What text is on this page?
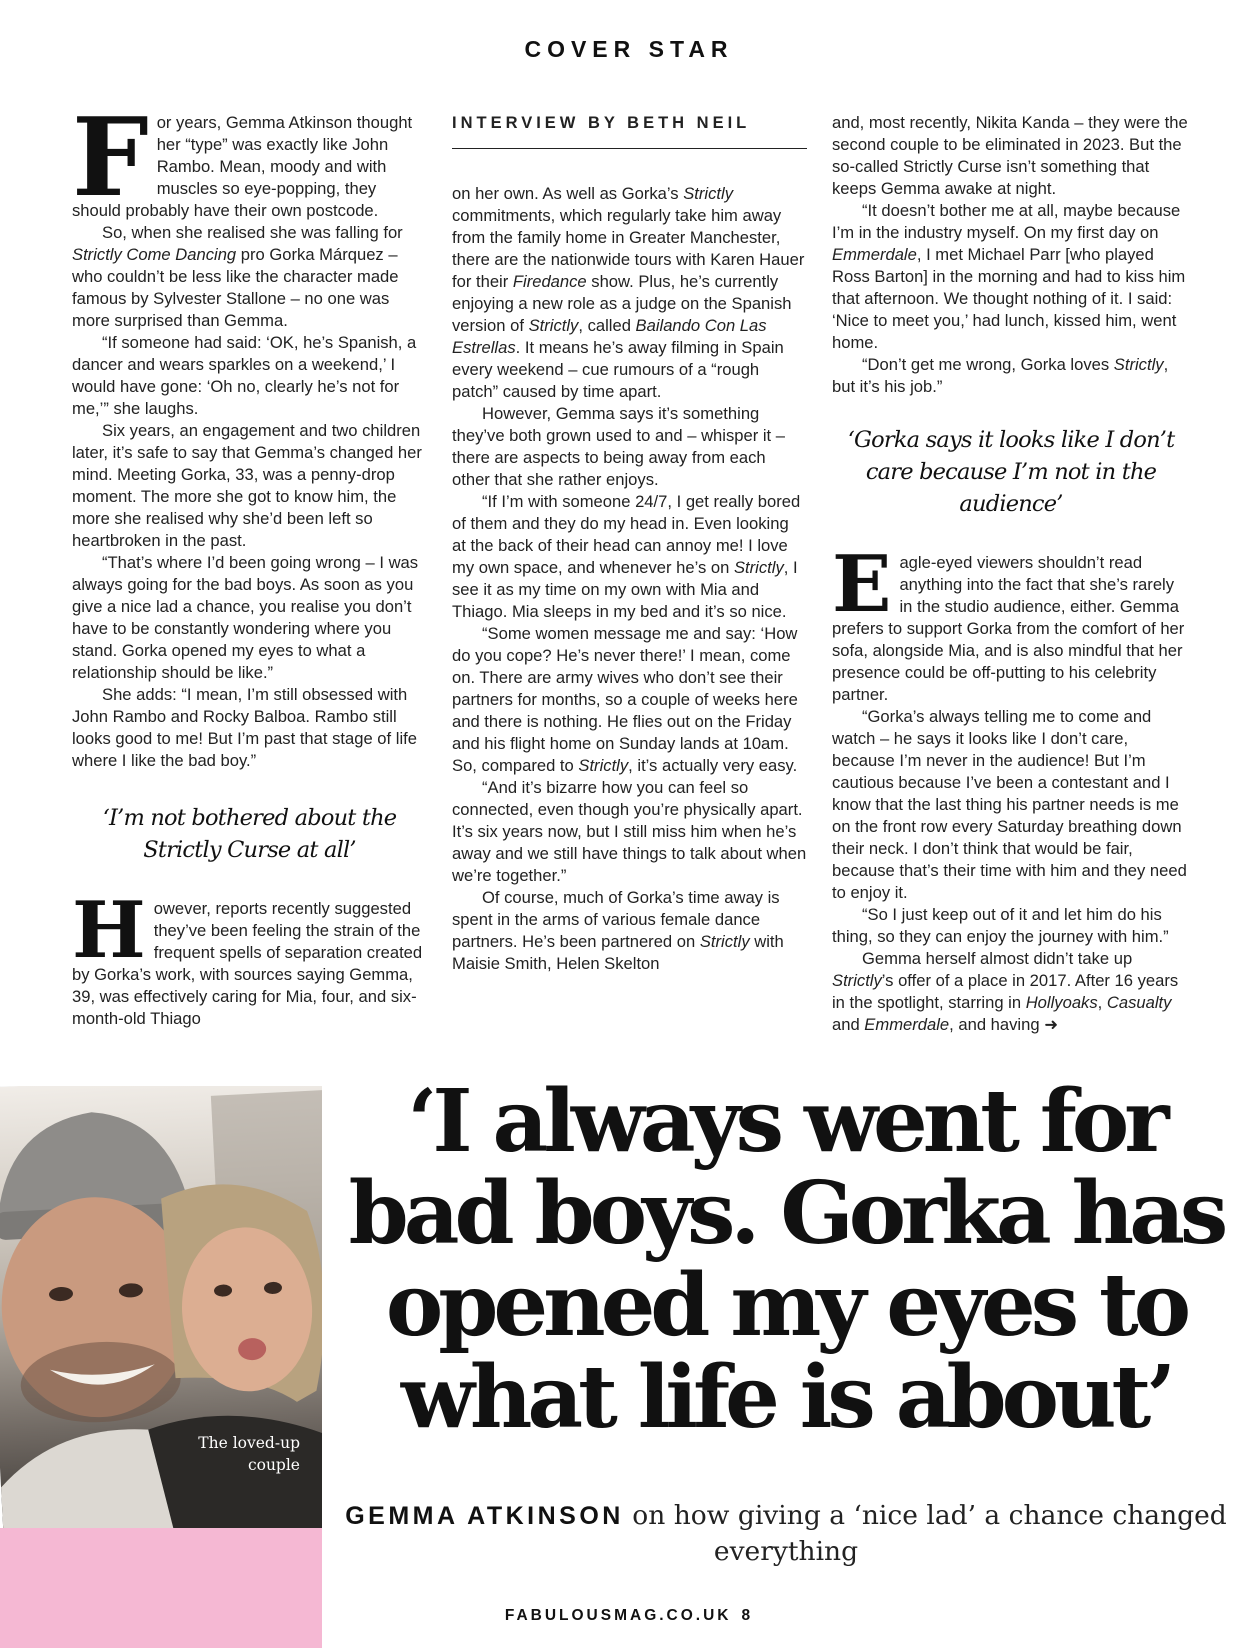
COVER STAR

For years, Gemma Atkinson thought her “type” was exactly like John Rambo. Mean, moody and with muscles so eye-popping, they should probably have their own postcode.

So, when she realised she was falling for Strictly Come Dancing pro Gorka Márquez – who couldn’t be less like the character made famous by Sylvester Stallone – no one was more surprised than Gemma.

“If someone had said: ‘OK, he’s Spanish, a dancer and wears sparkles on a weekend,’ I would have gone: ‘Oh no, clearly he’s not for me,’” she laughs.

Six years, an engagement and two children later, it’s safe to say that Gemma’s changed her mind. Meeting Gorka, 33, was a penny-drop moment. The more she got to know him, the more she realised why she’d been left so heartbroken in the past.

“That’s where I’d been going wrong – I was always going for the bad boys. As soon as you give a nice lad a chance, you realise you don’t have to be constantly wondering where you stand. Gorka opened my eyes to what a relationship should be like.”

She adds: “I mean, I’m still obsessed with John Rambo and Rocky Balboa. Rambo still looks good to me! But I’m past that stage of life where I like the bad boy.”

‘I’m not bothered about the Strictly Curse at all’

However, reports recently suggested they’ve been feeling the strain of the frequent spells of separation created by Gorka’s work, with sources saying Gemma, 39, was effectively caring for Mia, four, and six-month-old Thiago

INTERVIEW BY BETH NEIL

on her own. As well as Gorka’s Strictly commitments, which regularly take him away from the family home in Greater Manchester, there are the nationwide tours with Karen Hauer for their Firedance show. Plus, he’s currently enjoying a new role as a judge on the Spanish version of Strictly, called Bailando Con Las Estrellas. It means he’s away filming in Spain every weekend – cue rumours of a “rough patch” caused by time apart.

However, Gemma says it’s something they’ve both grown used to and – whisper it – there are aspects to being away from each other that she rather enjoys.

“If I’m with someone 24/7, I get really bored of them and they do my head in. Even looking at the back of their head can annoy me! I love my own space, and whenever he’s on Strictly, I see it as my time on my own with Mia and Thiago. Mia sleeps in my bed and it’s so nice.

“Some women message me and say: ‘How do you cope? He’s never there!’ I mean, come on. There are army wives who don’t see their partners for months, so a couple of weeks here and there is nothing. He flies out on the Friday and his flight home on Sunday lands at 10am. So, compared to Strictly, it’s actually very easy.

“And it’s bizarre how you can feel so connected, even though you’re physically apart. It’s six years now, but I still miss him when he’s away and we still have things to talk about when we’re together.”

Of course, much of Gorka’s time away is spent in the arms of various female dance partners. He’s been partnered on Strictly with Maisie Smith, Helen Skelton

and, most recently, Nikita Kanda – they were the second couple to be eliminated in 2023. But the so-called Strictly Curse isn’t something that keeps Gemma awake at night.

“It doesn’t bother me at all, maybe because I’m in the industry myself. On my first day on Emmerdale, I met Michael Parr [who played Ross Barton] in the morning and had to kiss him that afternoon. We thought nothing of it. I said: ‘Nice to meet you,’ had lunch, kissed him, went home.

“Don’t get me wrong, Gorka loves Strictly, but it’s his job.”

‘Gorka says it looks like I don’t care because I’m not in the audience’

Eagle-eyed viewers shouldn’t read anything into the fact that she’s rarely in the studio audience, either. Gemma prefers to support Gorka from the comfort of her sofa, alongside Mia, and is also mindful that her presence could be off-putting to his celebrity partner.

“Gorka’s always telling me to come and watch – he says it looks like I don’t care, because I’m never in the audience! But I’m cautious because I’ve been a contestant and I know that the last thing his partner needs is me on the front row every Saturday breathing down their neck. I don’t think that would be fair, because that’s their time with him and they need to enjoy it.

“So I just keep out of it and let him do his thing, so they can enjoy the journey with him.”

Gemma herself almost didn’t take up Strictly’s offer of a place in 2017. After 16 years in the spotlight, starring in Hollyoaks, Casualty and Emmerdale, and having ➜

The loved-up couple
‘I always went for bad boys. Gorka has opened my eyes to what life is about’
GEMMA ATKINSON on how giving a ‘nice lad’ a chance changed everything
FABULOUSMAG.CO.UK 8
